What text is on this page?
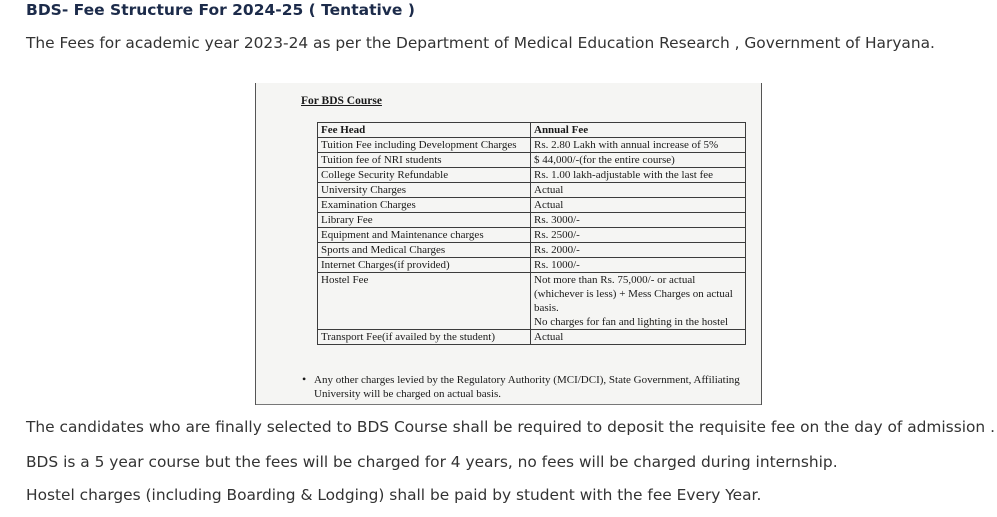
BDS- Fee Structure For 2024-25 ( Tentative )

The Fees for academic year 2023-24 as per the Department of Medical Education Research , Government of Haryana.

For BDS Course
Fee Head	Annual Fee
Tuition Fee including Development Charges	Rs. 2.80 Lakh with annual increase of 5%
Tuition fee of NRI students	$ 44,000/-(for the entire course)
College Security Refundable	Rs. 1.00 lakh-adjustable with the last fee
University Charges	Actual
Examination Charges	Actual
Library Fee	Rs. 3000/-
Equipment and Maintenance charges	Rs. 2500/-
Sports and Medical Charges	Rs. 2000/-
Internet Charges(if provided)	Rs. 1000/-
Hostel Fee	Not more than Rs. 75,000/- or actual (whichever is less) + Mess Charges on actual basis.
No charges for fan and lighting in the hostel

Transport Fee(if availed by the student)	Actual
• Any other charges levied by the Regulatory Authority (MCI/DCI), State Government, Affiliating University will be charged on actual basis.

The candidates who are finally selected to BDS Course shall be required to deposit the requisite fee on the day of admission .

BDS is a 5 year course but the fees will be charged for 4 years, no fees will be charged during internship.

Hostel charges (including Boarding & Lodging) shall be paid by student with the fee Every Year.
